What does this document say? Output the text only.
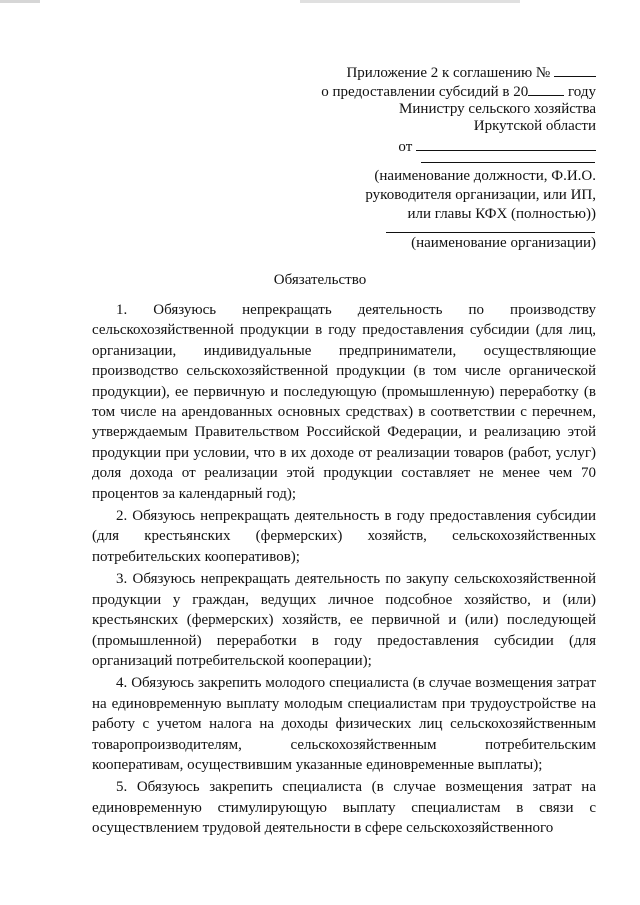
Приложение 2 к соглашению №
о предоставлении субсидий в 20	году
Министру сельского хозяйства
Иркутской области
от
(наименование должности, Ф.И.О.
руководителя организации, или ИП,
или главы КФХ (полностью))
(наименование организации)
Обязательство

1. Обязуюсь непрекращать деятельность по производству сельскохозяйственной продукции в году предоставления субсидии (для лиц, организации, индивидуальные предприниматели, осуществляющие производство сельскохозяйственной продукции (в том числе органической продукции), ее первичную и последующую (промышленную) переработку (в том числе на арендованных основных средствах) в соответствии с перечнем, утверждаемым Правительством Российской Федерации, и реализацию этой продукции при условии, что в их доходе от реализации товаров (работ, услуг) доля дохода от реализации этой продукции составляет не менее чем 70 процентов за календарный год);

2. Обязуюсь непрекращать деятельность в году предоставления субсидии (для крестьянских (фермерских) хозяйств, сельскохозяйственных потребительских кооперативов);

3. Обязуюсь непрекращать деятельность по закупу сельскохозяйственной продукции у граждан, ведущих личное подсобное хозяйство, и (или) крестьянских (фермерских) хозяйств, ее первичной и (или) последующей (промышленной) переработки в году предоставления субсидии (для организаций потребительской кооперации);

4. Обязуюсь закрепить молодого специалиста (в случае возмещения затрат на единовременную выплату молодым специалистам при трудоустройстве на работу с учетом налога на доходы физических лиц сельскохозяйственным товаропроизводителям, сельскохозяйственным потребительским кооперативам, осуществившим указанные единовременные выплаты);

5. Обязуюсь закрепить специалиста (в случае возмещения затрат на единовременную стимулирующую выплату специалистам в связи с осуществлением трудовой деятельности в сфере сельскохозяйственного
